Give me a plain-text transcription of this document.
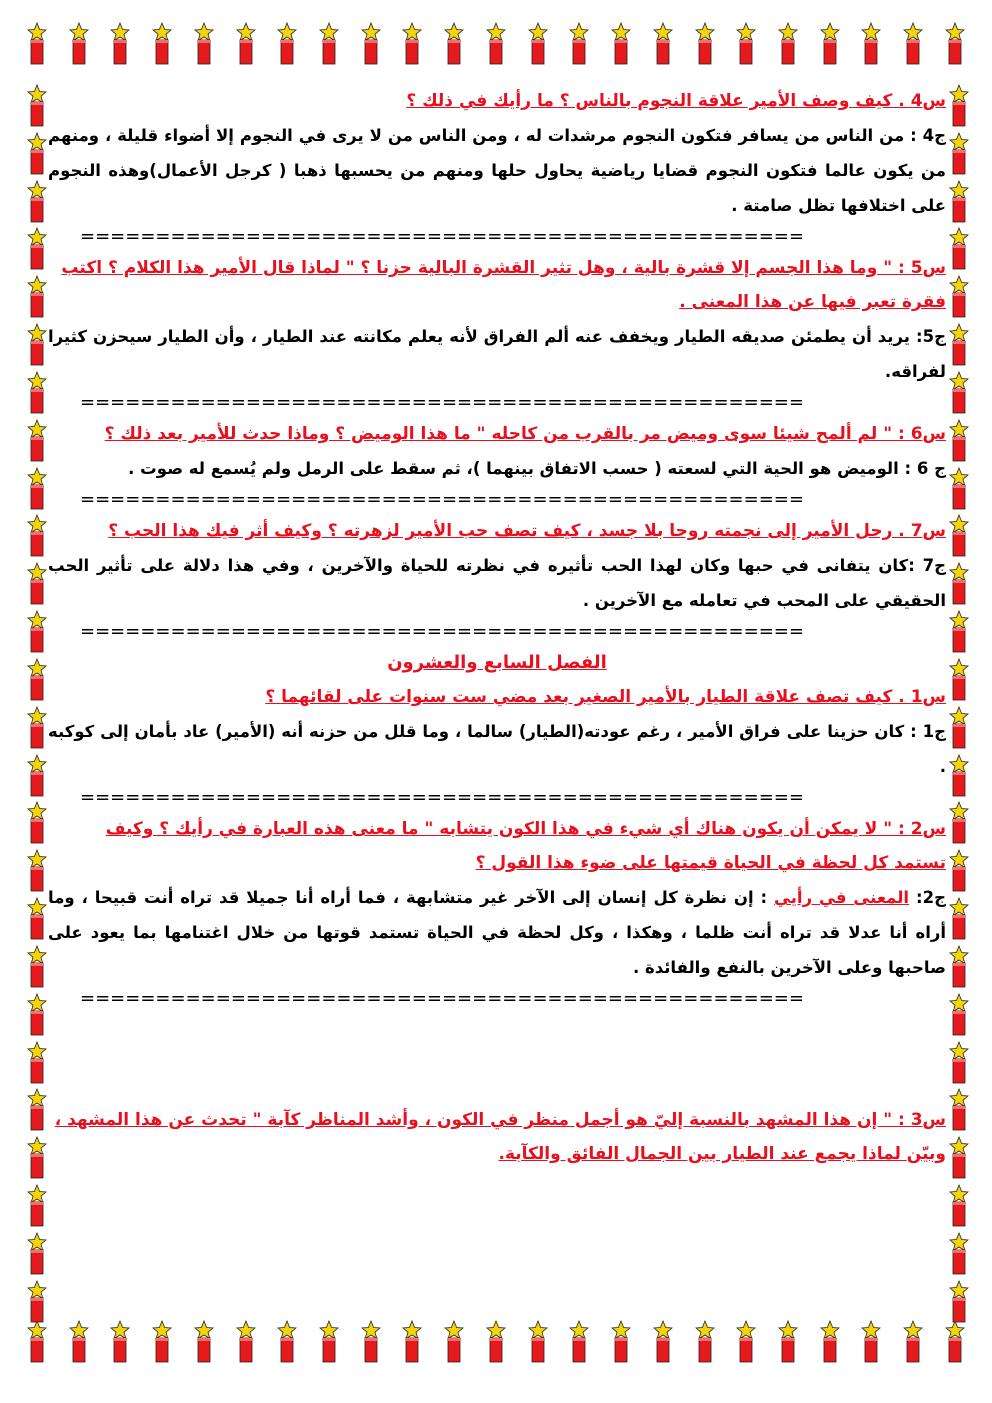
س4 . كيف وصف الأمير علاقة النجوم بالناس ؟ ما رأيك في ذلك ؟

ج4 : من الناس من يسافر فتكون النجوم مرشدات له ، ومن الناس من لا يرى في النجوم إلا أضواء قليلة ، ومنهم من يكون عالما فتكون النجوم قضايا رياضية يحاول حلها ومنهم من يحسبها ذهبا ( كرجل الأعمال)وهذه النجوم على اختلافها تظل صامتة .

================================================

س5 : " وما هذا الجسم إلا قشرة بالية ، وهل تثير القشرة البالية حزنا ؟ " لماذا قال الأمير هذا الكلام ؟ اكتب فقرة تعبر فيها عن هذا المعنى .

ج5: يريد أن يطمئن صديقه الطيار ويخفف عنه ألم الفراق لأنه يعلم مكانته عند الطيار ، وأن الطيار سيحزن كثيرا لفراقه.

================================================

س6 : " لم ألمح شيئا سوى وميض مر بالقرب من كاحله " ما هذا الوميض ؟ وماذا حدث للأمير بعد ذلك ؟

ج 6 : الوميض هو الحية التي لسعته ( حسب الاتفاق بينهما )، ثم سقط على الرمل ولم يُسمع له صوت .

================================================

س7 . رحل الأمير إلى نجمته روحا بلا جسد ، كيف تصف حب الأمير لزهرته ؟ وكيف أثر فيك هذا الحب ؟

ج7 :كان يتفانى في حبها وكان لهذا الحب تأثيره في نظرته للحياة والآخرين ، وفي هذا دلالة على تأثير الحب الحقيقي على المحب في تعامله مع الآخرين .

================================================

الفصل السابع والعشرون

س1 . كيف تصف علاقة الطيار بالأمير الصغير بعد مضي ست سنوات على لقائهما ؟

ج1 : كان حزينا على فراق الأمير ، رغم عودته(الطيار) سالما ، وما قلل من حزنه أنه (الأمير) عاد بأمان إلى كوكبه .

================================================

س2 : " لا يمكن أن يكون هناك أي شيء في هذا الكون يتشابه " ما معنى هذه العبارة في رأيك ؟ وكيف تستمد كل لحظة في الحياة قيمتها على ضوء هذا القول ؟

ج2: المعنى في رأيي : إن نظرة كل إنسان إلى الآخر غير متشابهة ، فما أراه أنا جميلا قد تراه أنت قبيحا ، وما أراه أنا عدلا قد تراه أنت ظلما ، وهكذا ، وكل لحظة في الحياة تستمد قوتها من خلال اغتنامها بما يعود على صاحبها وعلى الآخرين بالنفع والفائدة .

================================================

س3 : " إن هذا المشهد بالنسبة إليّ هو أجمل منظر في الكون ، وأشد المناظر كآبة " تحدث عن هذا المشهد ، وبيّن لماذا يجمع عند الطيار بين الجمال الفائق والكآبة.
